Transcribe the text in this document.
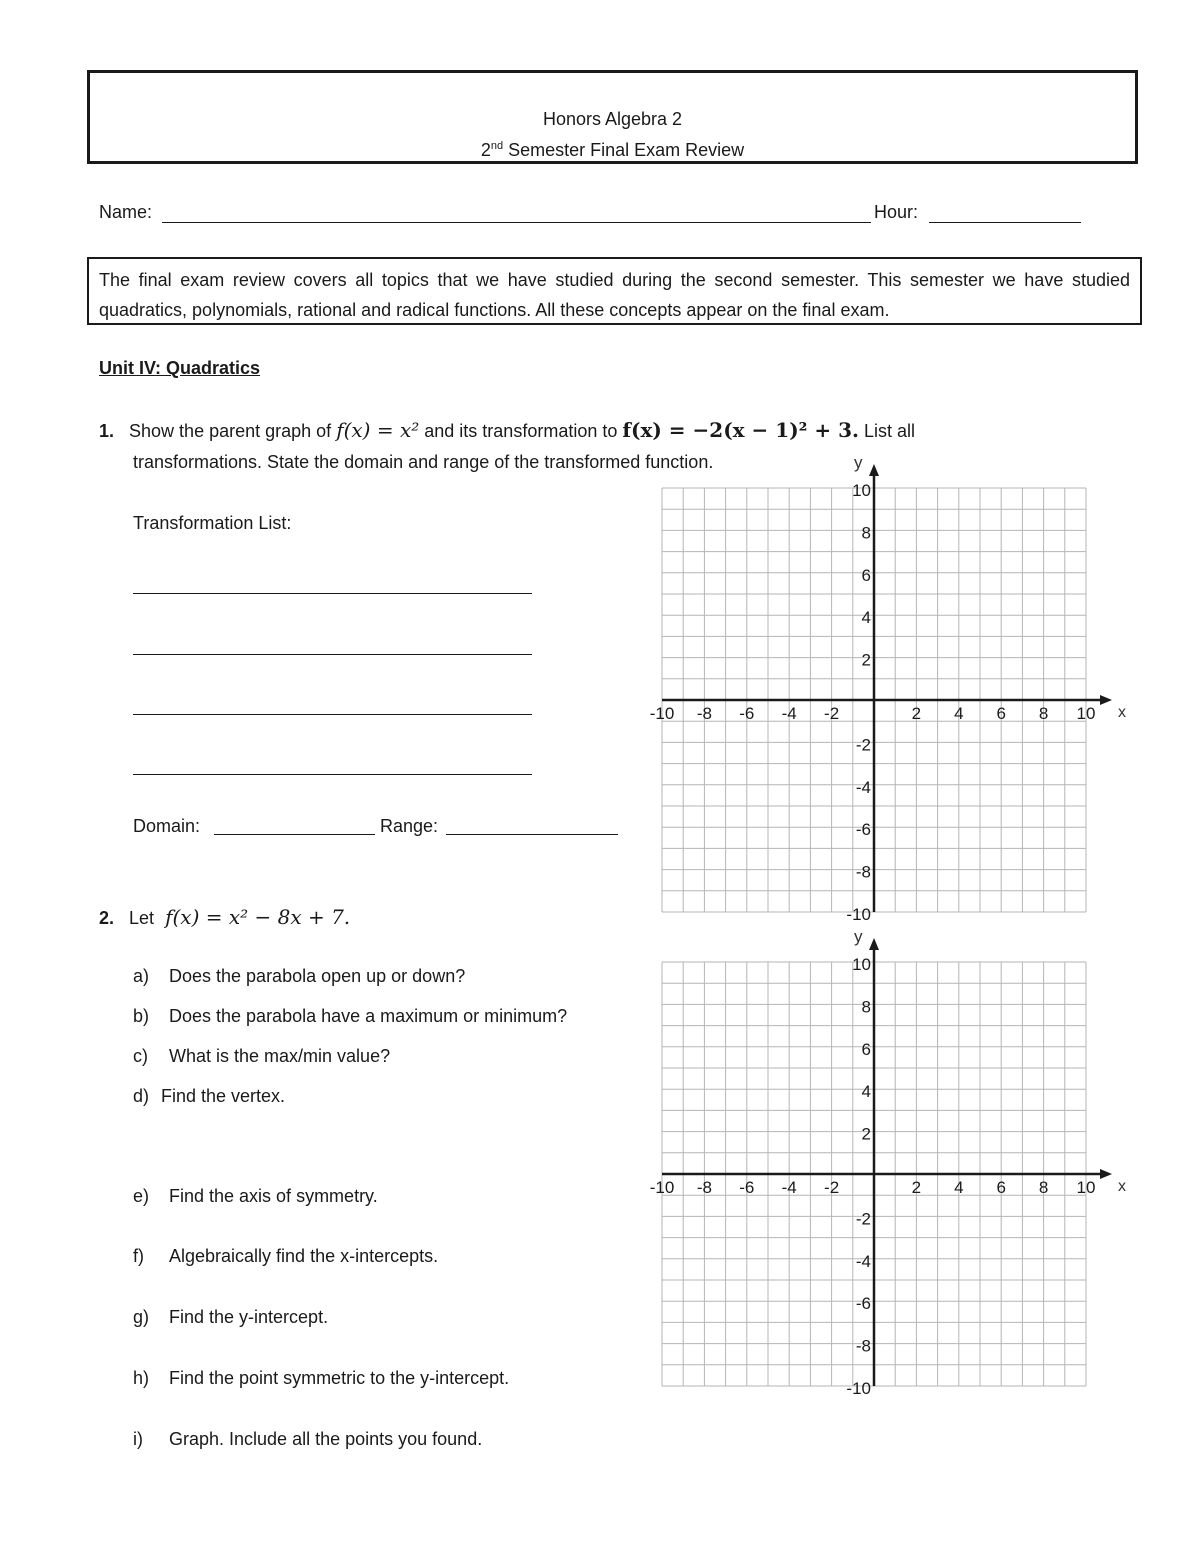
Honors Algebra 2
2nd Semester Final Exam Review
Name:	Hour:
The final exam review covers all topics that we have studied during the second semester. This semester we have studied quadratics, polynomials, rational and radical functions. All these concepts appear on the final exam.
Unit IV: Quadratics
1. Show the parent graph of f(x) = x² and its transformation to f(x) = −2(x − 1)² + 3. List all
transformations. State the domain and range of the transformed function.
Transformation List:
Domain:	Range:
2. Let f(x) = x² − 8x + 7.
a) Does the parabola open up or down?
b) Does the parabola have a maximum or minimum?
c) What is the max/min value?
d) Find the vertex.
e) Find the axis of symmetry.
f) Algebraically find the x-intercepts.
g) Find the y-intercept.
h) Find the point symmetric to the y-intercept.
i) Graph. Include all the points you found.
x
y
-10 -8 -6 -4 -2	2 4 6 8 10
10
8
6
4
2
-2
-4
-6
-8
-10
x
y
-10 -8 -6 -4 -2	2 4 6 8 10
10
8
6
4
2
-2
-4
-6
-8
-10
